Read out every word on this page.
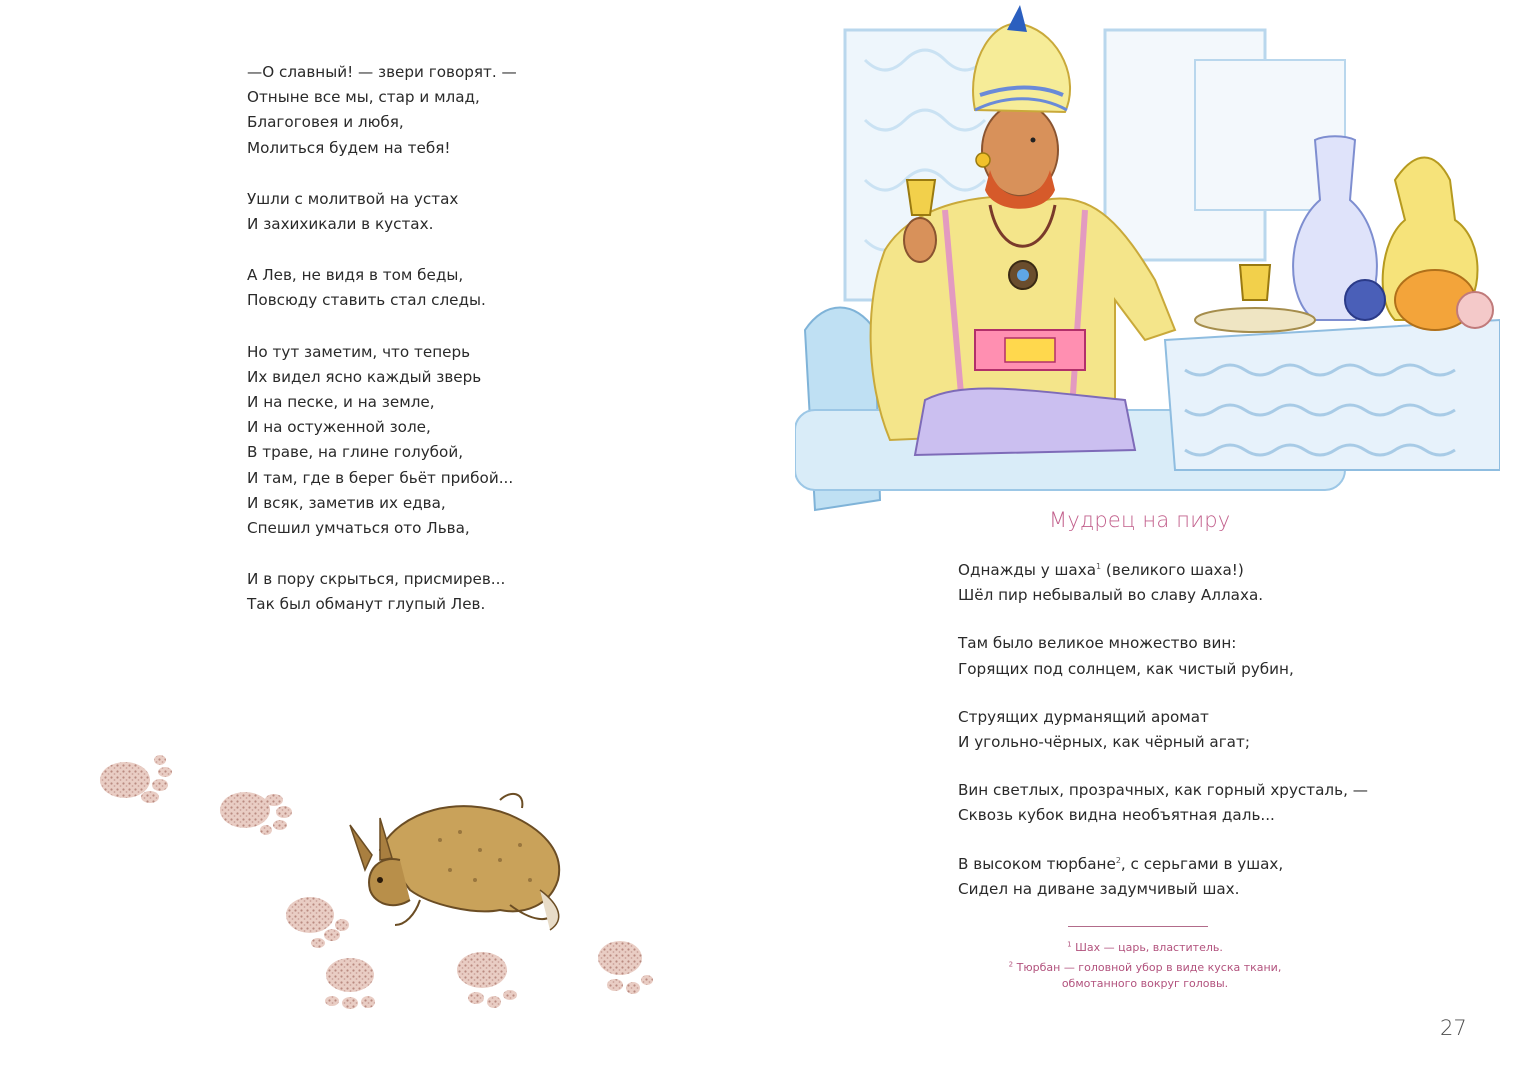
—О славный! — звери говорят. —
Отныне все мы, стар и млад,
Благоговея и любя,
Молиться будем на тебя!

Ушли с молитвой на устах
И захихикали в кустах.

А Лев, не видя в том беды,
Повсюду ставить стал следы.

Но тут заметим, что теперь
Их видел ясно каждый зверь
И на песке, и на земле,
И на остуженной золе,
В траве, на глине голубой,
И там, где в берег бьёт прибой...
И всяк, заметив их едва,
Спешил умчаться ото Льва,

И в пору скрыться, присмирев...
Так был обманут глупый Лев.

Мудрец на пиру

Однажды у шаха$^1$ (великого шаха!)
Шёл пир небывалый во славу Аллаха.

Там было великое множество вин:
Горящих под солнцем, как чистый рубин,

Струящих дурманящий аромат
И угольно-чёрных, как чёрный агат;

Вин светлых, прозрачных, как горный хрусталь, —
Сквозь кубок видна необъятная даль...

В высоком тюрбане$^2$, с серьгами в ушах,
Сидел на диване задумчивый шах.

$^1$ Шах — царь, властитель.
$^2$ Тюрбан — головной убор в виде куска ткани,
обмотанного вокруг головы.
27
